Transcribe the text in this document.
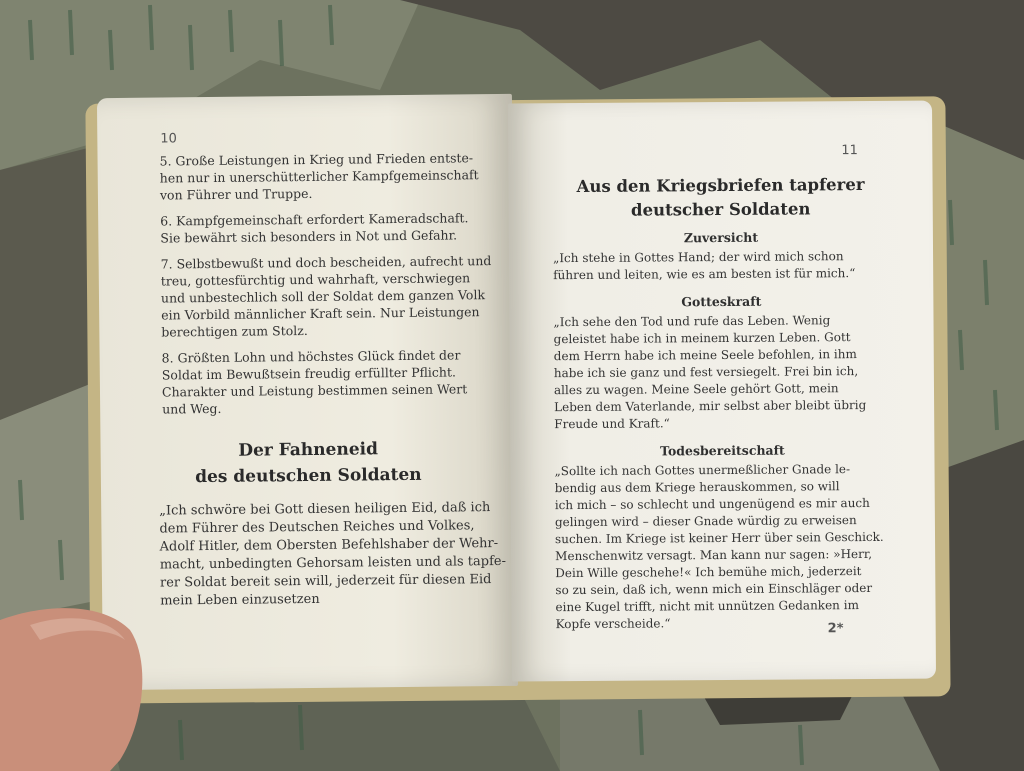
10
5. Große Leistungen in Krieg und Frieden entste-
hen nur in unerschütterlicher Kampfgemeinschaft
von Führer und Truppe.
6. Kampfgemeinschaft erfordert Kameradschaft.
Sie bewährt sich besonders in Not und Gefahr.
7. Selbstbewußt und doch bescheiden, aufrecht und
treu, gottesfürchtig und wahrhaft, verschwiegen
und unbestechlich soll der Soldat dem ganzen Volk
ein Vorbild männlicher Kraft sein. Nur Leistungen
berechtigen zum Stolz.
8. Größten Lohn und höchstes Glück findet der
Soldat im Bewußtsein freudig erfüllter Pflicht.
Charakter und Leistung bestimmen seinen Wert
und Weg.
Der Fahneneid
des deutschen Soldaten
„Ich schwöre bei Gott diesen heiligen Eid, daß ich
dem Führer des Deutschen Reiches und Volkes,
Adolf Hitler, dem Obersten Befehlshaber der Wehr-
macht, unbedingten Gehorsam leisten und als tapfe-
rer Soldat bereit sein will, jederzeit für diesen Eid
mein Leben einzusetzen
11
Aus den Kriegsbriefen tapferer
deutscher Soldaten
Zuversicht
„Ich stehe in Gottes Hand; der wird mich schon
führen und leiten, wie es am besten ist für mich.“
Gotteskraft
„Ich sehe den Tod und rufe das Leben. Wenig
geleistet habe ich in meinem kurzen Leben. Gott
dem Herrn habe ich meine Seele befohlen, in ihm
habe ich sie ganz und fest versiegelt. Frei bin ich,
alles zu wagen. Meine Seele gehört Gott, mein
Leben dem Vaterlande, mir selbst aber bleibt übrig
Freude und Kraft.“
Todesbereitschaft
„Sollte ich nach Gottes unermeßlicher Gnade le-
bendig aus dem Kriege herauskommen, so will
ich mich – so schlecht und ungenügend es mir auch
gelingen wird – dieser Gnade würdig zu erweisen
suchen. Im Kriege ist keiner Herr über sein Geschick.
Menschenwitz versagt. Man kann nur sagen: »Herr,
Dein Wille geschehe!« Ich bemühe mich, jederzeit
so zu sein, daß ich, wenn mich ein Einschläger oder
eine Kugel trifft, nicht mit unnützen Gedanken im
Kopfe verscheide.“	2*
